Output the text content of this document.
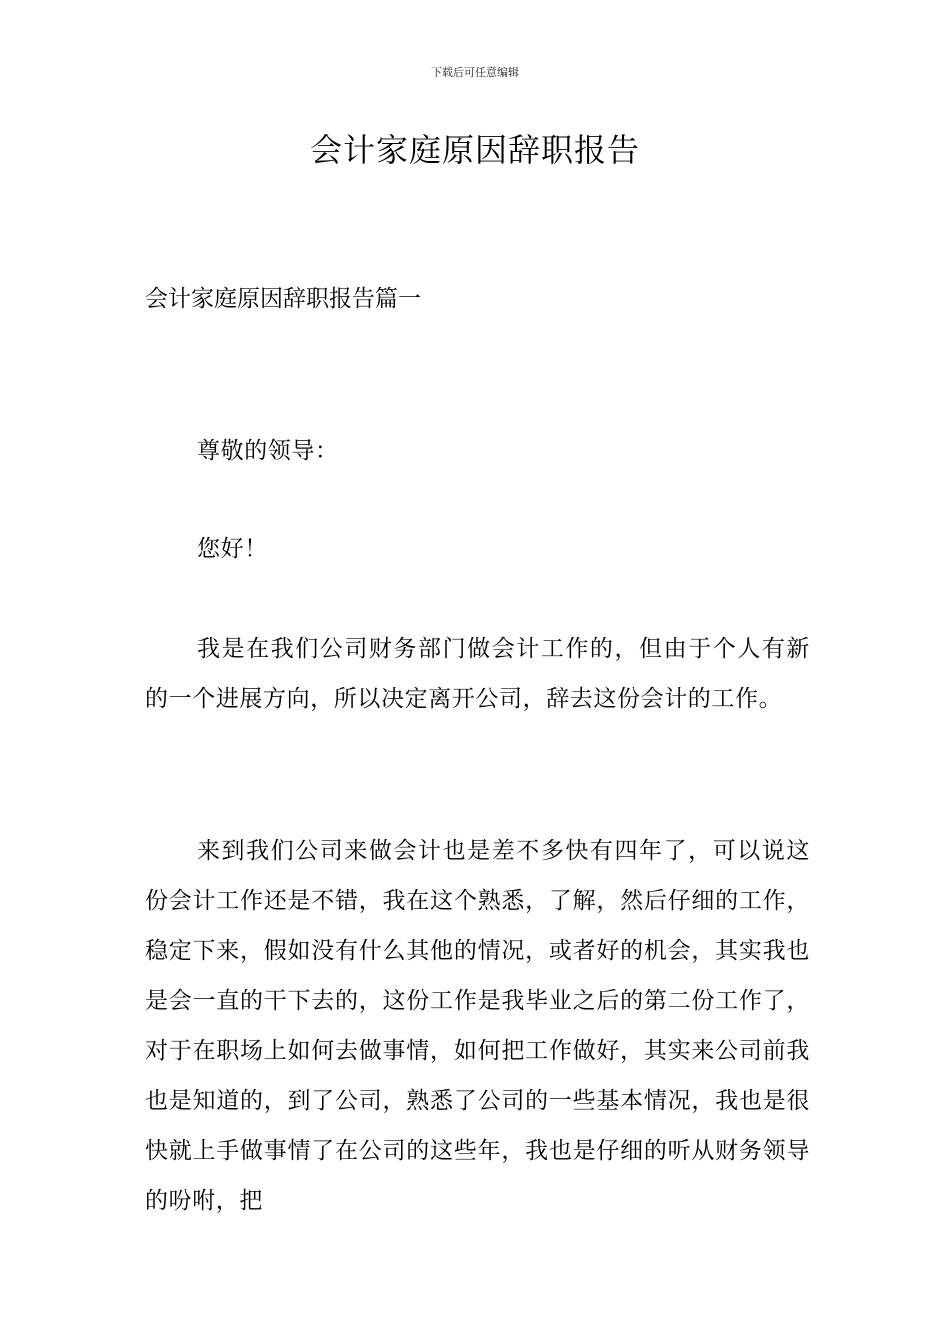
下载后可任意编辑
会计家庭原因辞职报告

会计家庭原因辞职报告篇一

尊敬的领导：

您好！

我是在我们公司财务部门做会计工作的，但由于个人有新的一个进展方向，所以决定离开公司，辞去这份会计的工作。

来到我们公司来做会计也是差不多快有四年了，可以说这份会计工作还是不错，我在这个熟悉，了解，然后仔细的工作，稳定下来，假如没有什么其他的情况，或者好的机会，其实我也是会一直的干下去的，这份工作是我毕业之后的第二份工作了，对于在职场上如何去做事情，如何把工作做好，其实来公司前我也是知道的，到了公司，熟悉了公司的一些基本情况，我也是很快就上手做事情了在公司的这些年，我也是仔细的听从财务领导的吩咐，把
